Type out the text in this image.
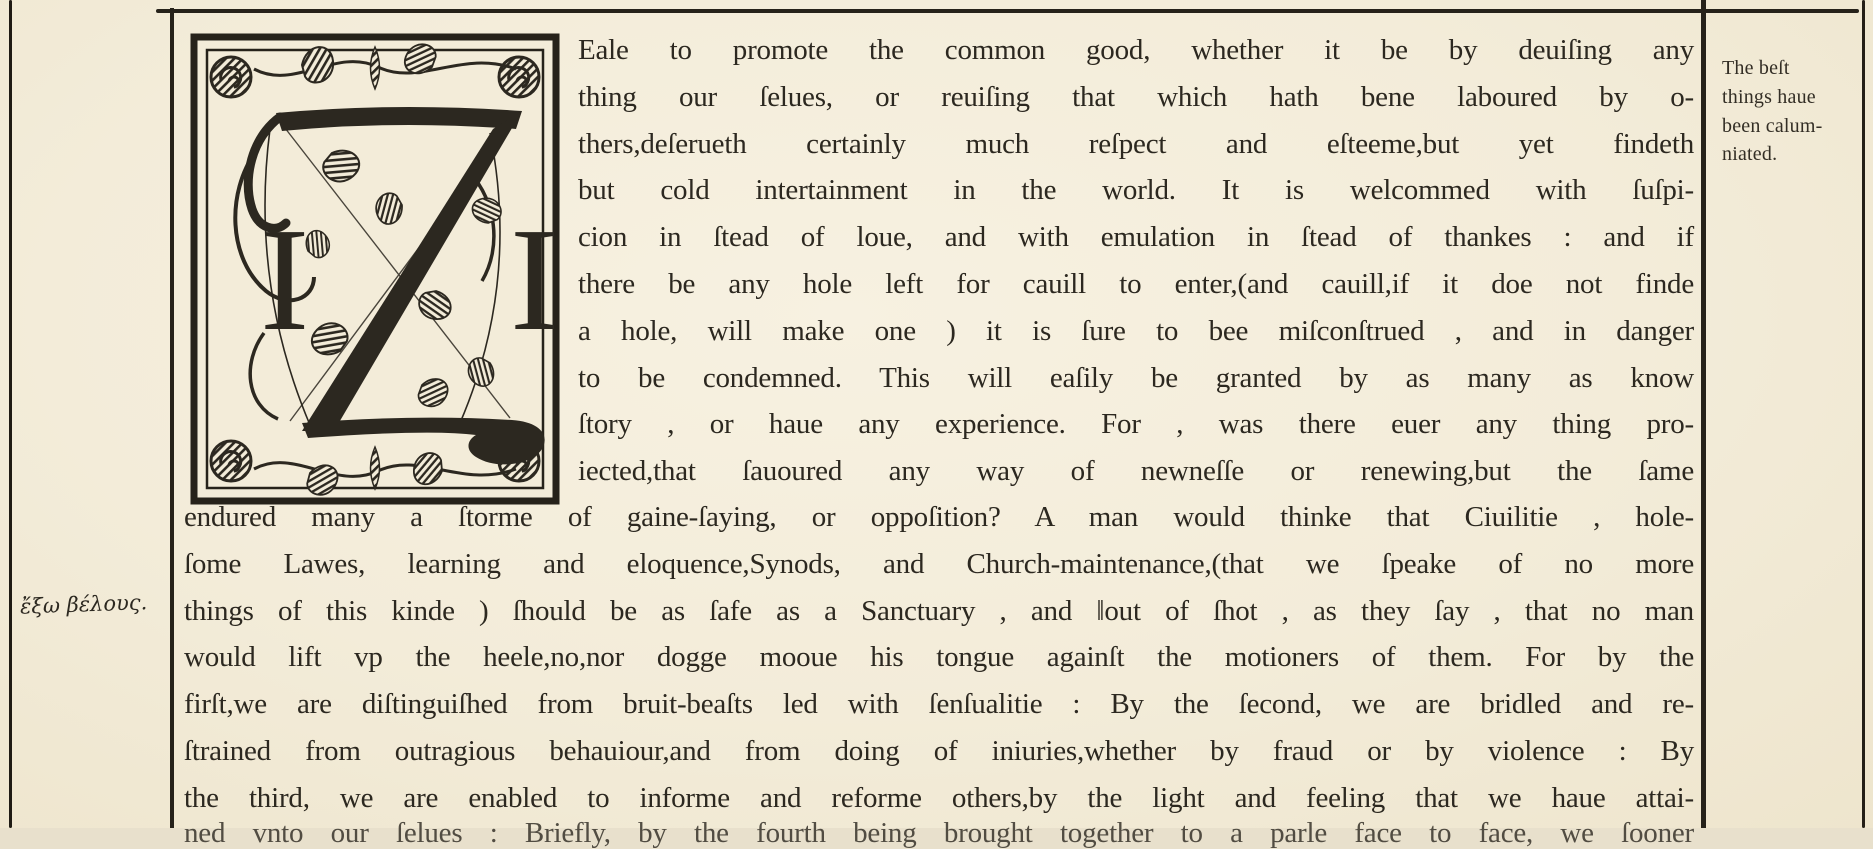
I I
Eale to promote the common good, whether it be by deuiſing any
thing our ſelues, or reuiſing that which hath bene laboured by o-
thers,deſerueth certainly much reſpect and eſteeme,but yet findeth
but cold intertainment in the world. It is welcommed with ſuſpi-
cion in ſtead of loue, and with emulation in ſtead of thankes : and if
there be any hole left for cauill to enter,(and cauill,if it doe not finde
a hole, will make one ) it is ſure to bee miſconſtrued , and in danger
to be condemned. This will eaſily be granted by as many as know
ſtory , or haue any experience. For , was there euer any thing pro-
iected,that ſauoured any way of newneſſe or renewing,but the ſame
endured many a ſtorme of gaine-ſaying, or oppoſition? A man would thinke that Ciuilitie , hole-
ſome Lawes, learning and eloquence,Synods, and Church-maintenance,(that we ſpeake of no more
things of this kinde ) ſhould be as ſafe as a Sanctuary , and ‖out of ſhot , as they ſay , that no man
would lift vp the heele,no,nor dogge mooue his tongue againſt the motioners of them. For by the
firſt,we are diſtinguiſhed from bruit-beaſts led with ſenſualitie : By the ſecond, we are bridled and re-
ſtrained from outragious behauiour,and from doing of iniuries,whether by fraud or by violence : By
the third, we are enabled to informe and reforme others,by the light and feeling that we haue attai-
ned vnto our ſelues : Briefly, by the fourth being brought together to a parle face to face, we ſooner
The beſt
things haue
been calum-
niated.
ἔξω βέλους.
